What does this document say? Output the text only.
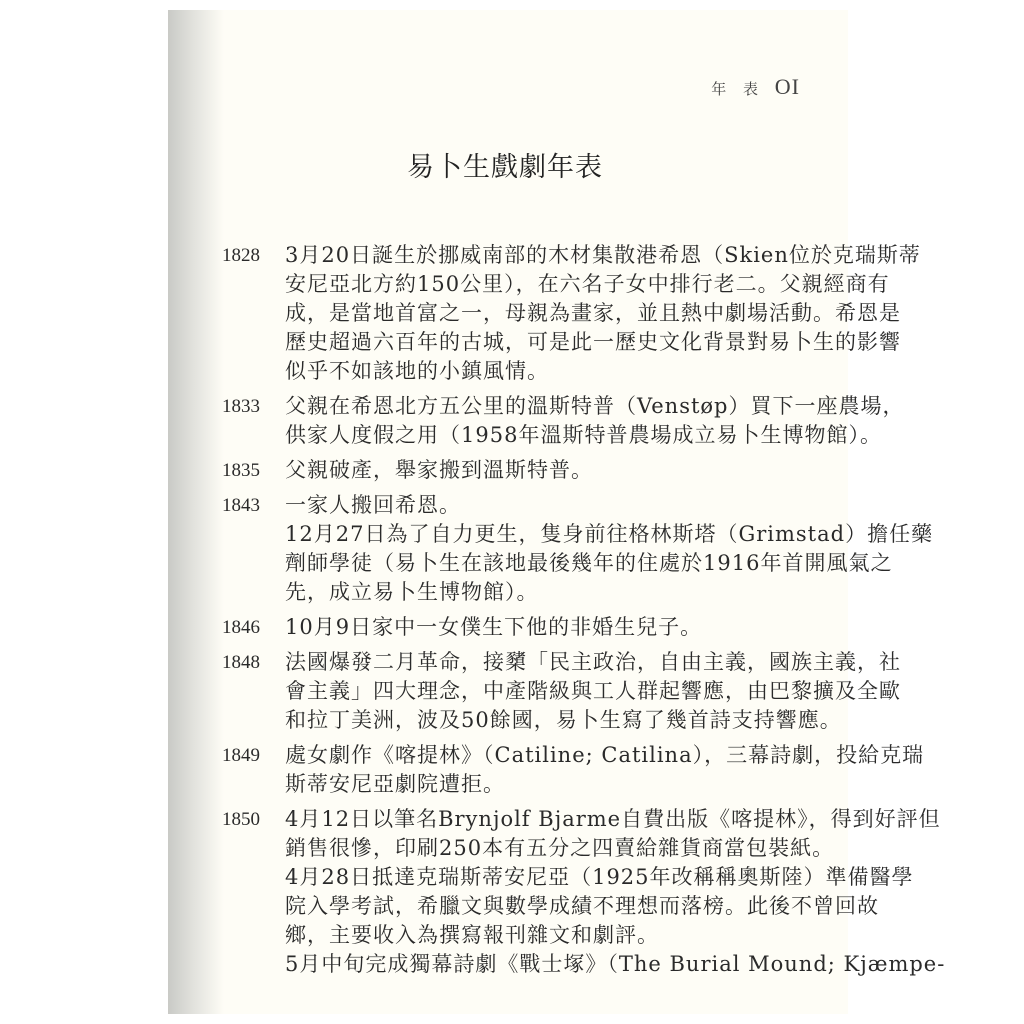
年 表 OI
易卜生戲劇年表
1828 3月20日誕生於挪威南部的木材集散港希恩（Skien位於克瑞斯蒂
安尼亞北方約150公里），在六名子女中排行老二。父親經商有
成，是當地首富之一，母親為畫家，並且熱中劇場活動。希恩是
歷史超過六百年的古城，可是此一歷史文化背景對易卜生的影響
似乎不如該地的小鎮風情。
1833 父親在希恩北方五公里的溫斯特普（Venstøp）買下一座農場，
供家人度假之用（1958年溫斯特普農場成立易卜生博物館）。
1835 父親破產，舉家搬到溫斯特普。
1843 一家人搬回希恩。
12月27日為了自力更生，隻身前往格林斯塔（Grimstad）擔任藥
劑師學徒（易卜生在該地最後幾年的住處於1916年首開風氣之
先，成立易卜生博物館）。
1846 10月9日家中一女僕生下他的非婚生兒子。
1848 法國爆發二月革命，接櫫「民主政治，自由主義，國族主義，社
會主義」四大理念，中產階級與工人群起響應，由巴黎擴及全歐
和拉丁美洲，波及50餘國，易卜生寫了幾首詩支持響應。
1849 處女劇作《喀提林》（Catiline; Catilina），三幕詩劇，投給克瑞
斯蒂安尼亞劇院遭拒。
1850 4月12日以筆名Brynjolf Bjarme自費出版《喀提林》，得到好評但
銷售很慘，印刷250本有五分之四賣給雜貨商當包裝紙。
4月28日抵達克瑞斯蒂安尼亞（1925年改稱稱奧斯陸）準備醫學
院入學考試，希臘文與數學成績不理想而落榜。此後不曾回故
鄉，主要收入為撰寫報刊雜文和劇評。
5月中旬完成獨幕詩劇《戰士塚》（The Burial Mound; Kjæmpe-
